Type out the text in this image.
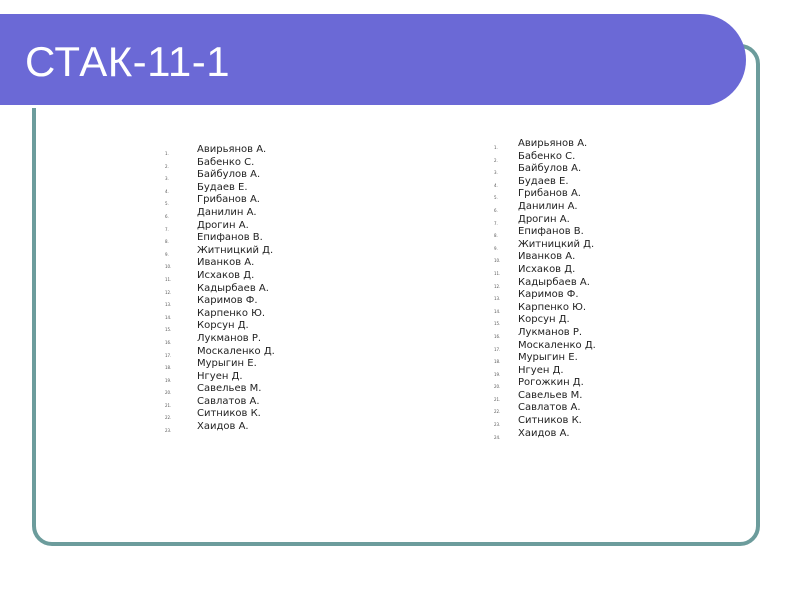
СТАК-11-1
1.	Авирьянов А.
2.	Бабенко С.
3.	Байбулов А.
4.	Будаев Е.
5.	Грибанов А.
6.	Данилин А.
7.	Дрогин А.
8.	Епифанов В.
9.	Житницкий Д.
10.	Иванков А.
11.	Исхаков Д.
12.	Кадырбаев А.
13.	Каримов Ф.
14.	Карпенко Ю.
15.	Корсун Д.
16.	Лукманов Р.
17.	Москаленко Д.
18.	Мурыгин Е.
19.	Нгуен Д.
20.	Савельев М.
21.	Савлатов А.
22.	Ситников К.
23.	Хаидов А.
1. Авирьянов А.
2. Бабенко С.
3. Байбулов А.
4. Будаев Е.
5. Грибанов А.
6. Данилин А.
7. Дрогин А.
8. Епифанов В.
9. Житницкий Д.
10. Иванков А.
11. Исхаков Д.
12. Кадырбаев А.
13. Каримов Ф.
14. Карпенко Ю.
15. Корсун Д.
16. Лукманов Р.
17. Москаленко Д.
18. Мурыгин Е.
19. Нгуен Д.
20. Рогожкин Д.
21. Савельев М.
22. Савлатов А.
23. Ситников К.
24. Хаидов А.
